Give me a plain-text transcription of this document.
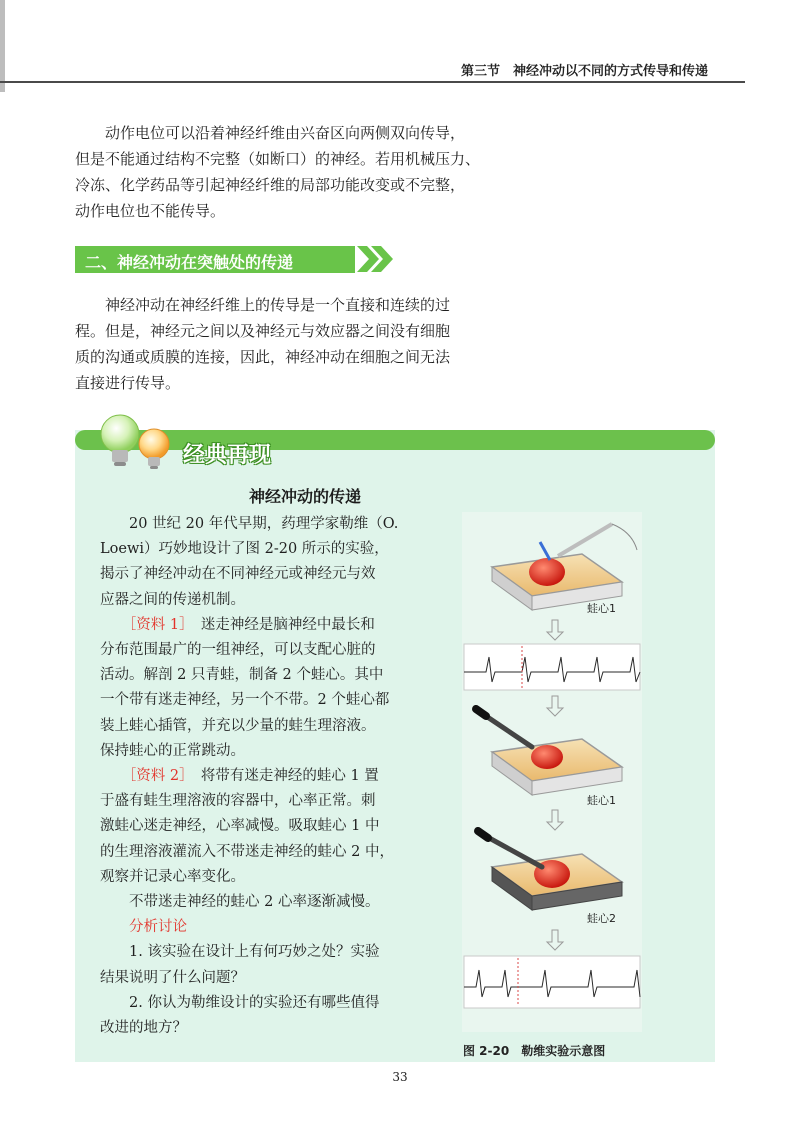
第三节　神经冲动以不同的方式传导和传递
　　动作电位可以沿着神经纤维由兴奋区向两侧双向传导，
但是不能通过结构不完整（如断口）的神经。若用机械压力、
冷冻、化学药品等引起神经纤维的局部功能改变或不完整，
动作电位也不能传导。
二、神经冲动在突触处的传递
　　神经冲动在神经纤维上的传导是一个直接和连续的过
程。但是，神经元之间以及神经元与效应器之间没有细胞
质的沟通或质膜的连接，因此，神经冲动在细胞之间无法
直接进行传导。
经典再现
神经冲动的传递
　　20 世纪 20 年代早期，药理学家勒维（O.
Loewi）巧妙地设计了图 2-20 所示的实验，
揭示了神经冲动在不同神经元或神经元与效
应器之间的传递机制。
　　［资料 1］　 迷走神经是脑神经中最长和
分布范围最广的一组神经，可以支配心脏的
活动。解剖 2 只青蛙，制备 2 个蛙心。其中
一个带有迷走神经，另一个不带。2 个蛙心都
装上蛙心插管，并充以少量的蛙生理溶液。
保持蛙心的正常跳动。
　　［资料 2］　 将带有迷走神经的蛙心 1 置
于盛有蛙生理溶液的容器中，心率正常。刺
激蛙心迷走神经，心率减慢。吸取蛙心 1 中
的生理溶液灌流入不带迷走神经的蛙心 2 中，
观察并记录心率变化。
　　不带迷走神经的蛙心 2 心率逐渐减慢。
　　分析讨论
　　1. 该实验在设计上有何巧妙之处？实验
结果说明了什么问题？
　　2. 你认为勒维设计的实验还有哪些值得
改进的地方？
蛙心1
蛙心1
蛙心2
图 2-20　勒维实验示意图
33
